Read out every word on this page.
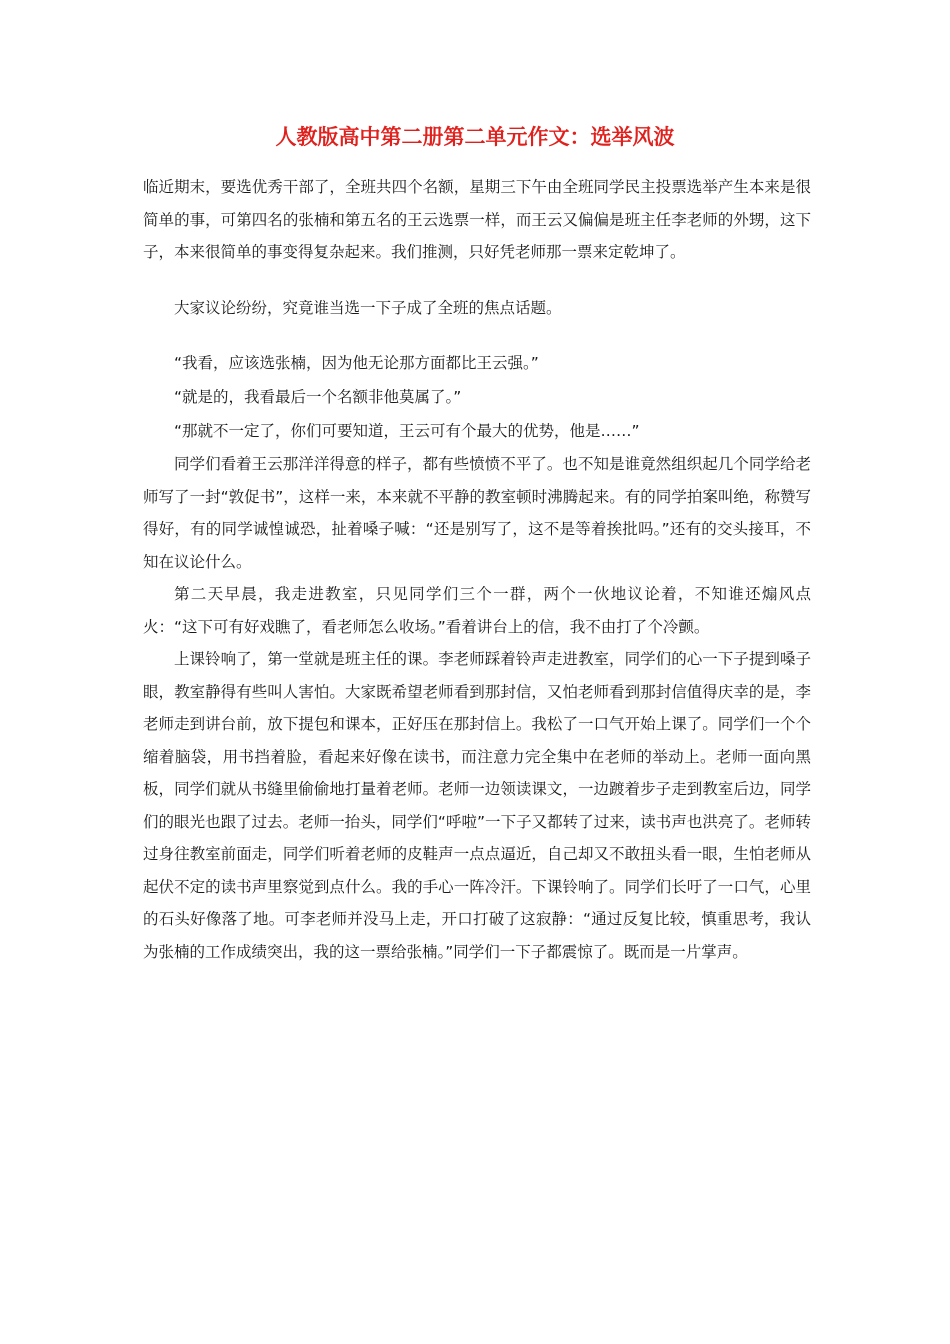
人教版高中第二册第二单元作文：选举风波

临近期末，要选优秀干部了，全班共四个名额，星期三下午由全班同学民主投票选举产生本来是很简单的事，可第四名的张楠和第五名的王云选票一样，而王云又偏偏是班主任李老师的外甥，这下子，本来很简单的事变得复杂起来。我们推测，只好凭老师那一票来定乾坤了。

大家议论纷纷，究竟谁当选一下子成了全班的焦点话题。

“我看，应该选张楠，因为他无论那方面都比王云强。”

“就是的，我看最后一个名额非他莫属了。”

“那就不一定了，你们可要知道，王云可有个最大的优势，他是……”

同学们看着王云那洋洋得意的样子，都有些愤愤不平了。也不知是谁竟然组织起几个同学给老师写了一封“敦促书”，这样一来，本来就不平静的教室顿时沸腾起来。有的同学拍案叫绝，称赞写得好，有的同学诚惶诚恐，扯着嗓子喊：“还是别写了，这不是等着挨批吗。”还有的交头接耳，不知在议论什么。

第二天早晨，我走进教室，只见同学们三个一群，两个一伙地议论着，不知谁还煽风点火：“这下可有好戏瞧了，看老师怎么收场。”看着讲台上的信，我不由打了个冷颤。

上课铃响了，第一堂就是班主任的课。李老师踩着铃声走进教室，同学们的心一下子提到嗓子眼，教室静得有些叫人害怕。大家既希望老师看到那封信，又怕老师看到那封信值得庆幸的是，李老师走到讲台前，放下提包和课本，正好压在那封信上。我松了一口气开始上课了。同学们一个个缩着脑袋，用书挡着脸，看起来好像在读书，而注意力完全集中在老师的举动上。老师一面向黑板，同学们就从书缝里偷偷地打量着老师。老师一边领读课文，一边踱着步子走到教室后边，同学们的眼光也跟了过去。老师一抬头，同学们“呼啦”一下子又都转了过来，读书声也洪亮了。老师转过身往教室前面走，同学们听着老师的皮鞋声一点点逼近，自己却又不敢扭头看一眼，生怕老师从起伏不定的读书声里察觉到点什么。我的手心一阵冷汗。下课铃响了。同学们长吁了一口气，心里的石头好像落了地。可李老师并没马上走，开口打破了这寂静：“通过反复比较，慎重思考，我认为张楠的工作成绩突出，我的这一票给张楠。”同学们一下子都震惊了。既而是一片掌声。
